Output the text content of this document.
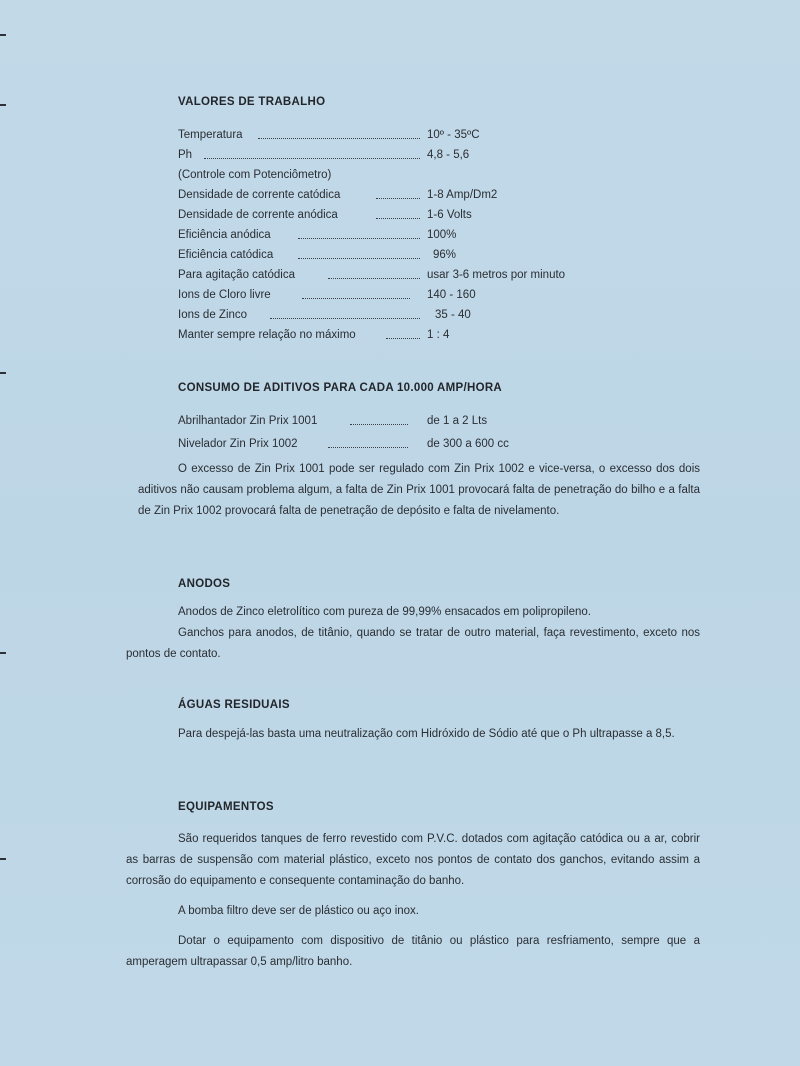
VALORES DE TRABALHO
Temperatura	10º - 35ºC
Ph	4,8 - 5,6
(Controle com Potenciômetro)
Densidade de corrente catódica	1-8 Amp/Dm2
Densidade de corrente anódica	1-6 Volts
Eficiência anódica	100%
Eficiência catódica	96%
Para agitação catódica	usar 3-6 metros por minuto
Ions de Cloro livre	140 - 160
Ions de Zinco	35 - 40
Manter sempre relação no máximo	1 : 4
CONSUMO DE ADITIVOS PARA CADA 10.000 AMP/HORA
Abrilhantador Zin Prix 1001	de 1 a 2 Lts
Nivelador Zin Prix 1002	de 300 a 600 cc
O excesso de Zin Prix 1001 pode ser regulado com Zin Prix 1002 e vice-versa, o excesso dos dois aditivos não causam problema algum, a falta de Zin Prix 1001 provocará falta de penetração do bilho e a falta de Zin Prix 1002 provocará falta de penetração de depósito e falta de nivelamento.
ANODOS
Anodos de Zinco eletrolítico com pureza de 99,99% ensacados em polipropileno.
Ganchos para anodos, de titânio, quando se tratar de outro material, faça revestimento, exceto nos pontos de contato.
ÁGUAS RESIDUAIS
Para despejá-las basta uma neutralização com Hidróxido de Sódio até que o Ph ultrapasse a 8,5.
EQUIPAMENTOS
São requeridos tanques de ferro revestido com P.V.C. dotados com agitação catódica ou a ar, cobrir as barras de suspensão com material plástico, exceto nos pontos de contato dos ganchos, evitando assim a corrosão do equipamento e consequente contaminação do banho.
A bomba filtro deve ser de plástico ou aço inox.
Dotar o equipamento com dispositivo de titânio ou plástico para resfriamento, sempre que a amperagem ultrapassar 0,5 amp/litro banho.
